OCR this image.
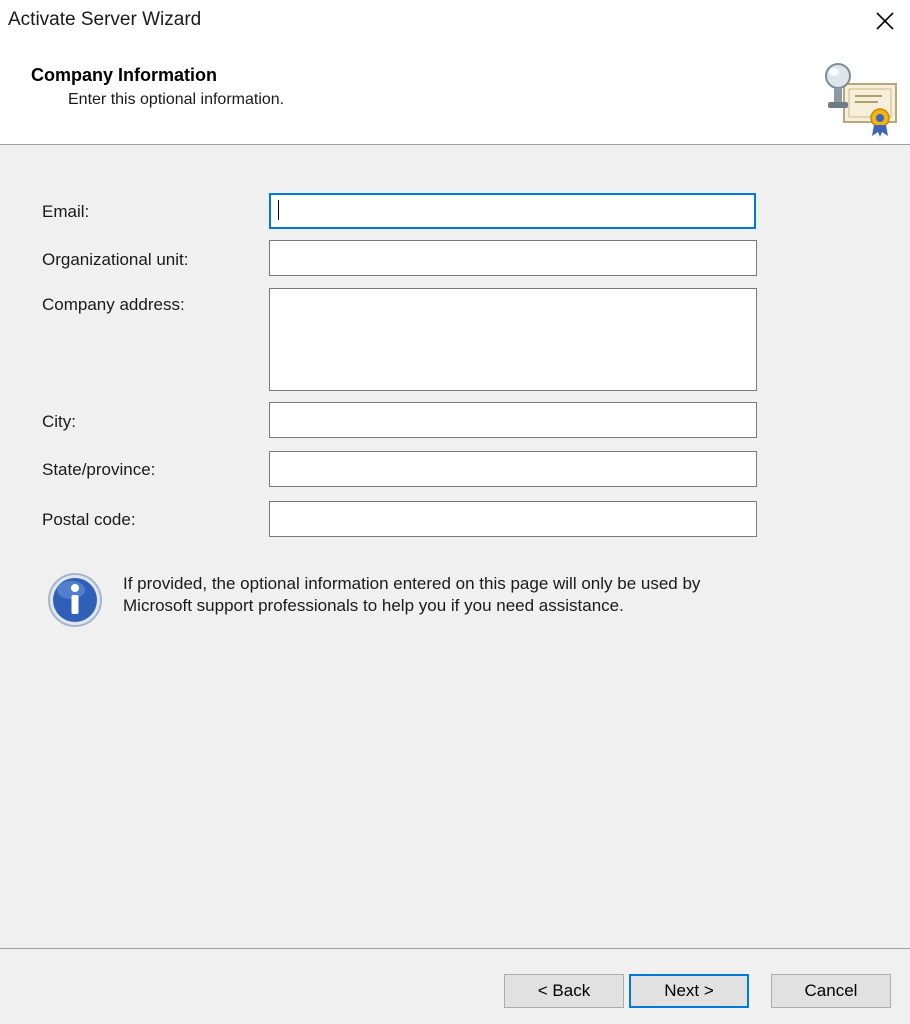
Activate Server Wizard
Company Information
Enter this optional information.
Email:
Organizational unit:
Company address:
City:
State/province:
Postal code:
If provided, the optional information entered on this page will only be used by Microsoft support professionals to help you if you need assistance.
< Back	Next >	Cancel
